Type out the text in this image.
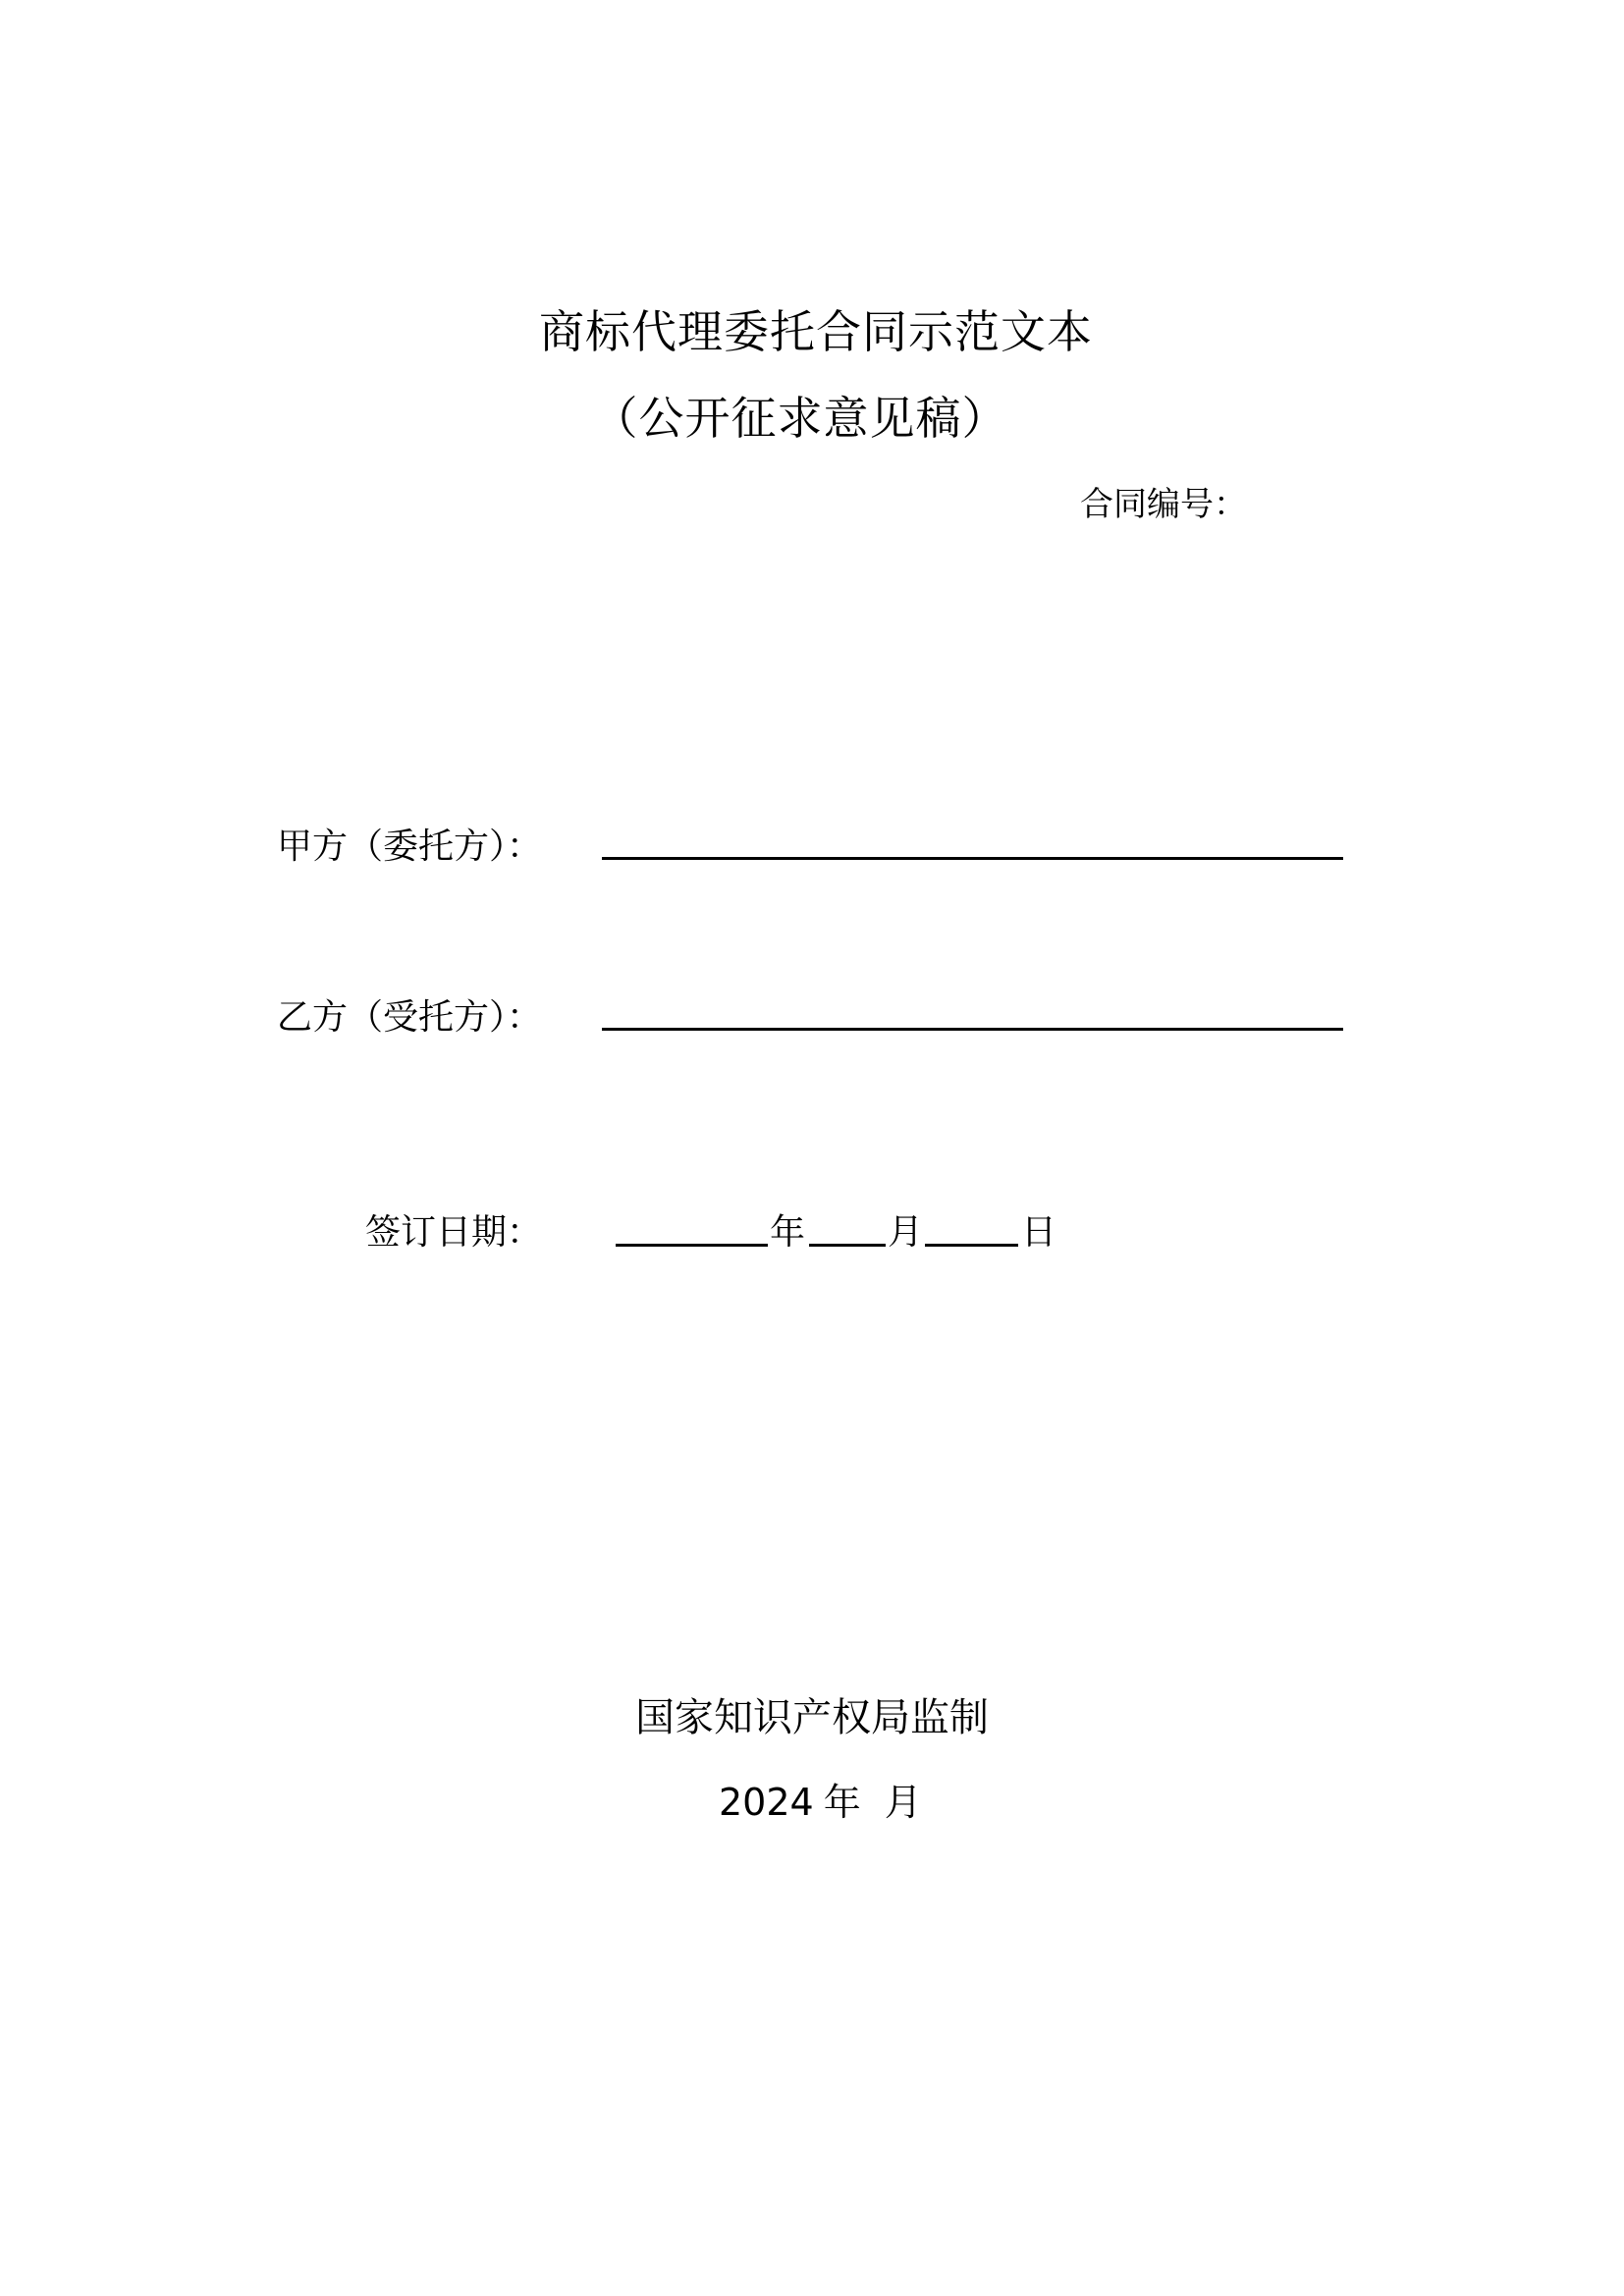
商标代理委托合同示范文本
（公开征求意见稿）
合同编号：
甲方（委托方）：
乙方（受托方）：
签订日期：	年 月	日
国家知识产权局监制
2024 年 月
